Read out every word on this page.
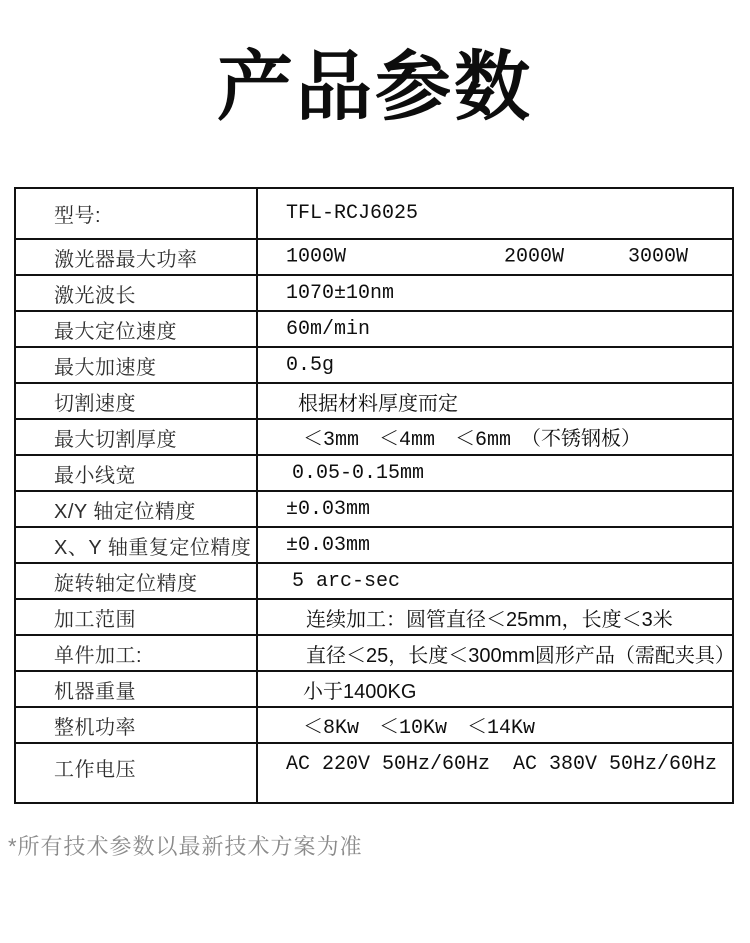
产品参数
型号:	TFL-RCJ6025
激光器最大功率	1000W	2000W	3000W
激光波长	1070±10nm
最大定位速度	60m/min
最大加速度	0.5g
切割速度	根据材料厚度而定
最大切割厚度	＜3mm　＜4mm　＜6mm　（不锈钢板）
最小线宽	0.05-0.15mm
X/Y 轴定位精度	±0.03mm
X、Y 轴重复定位精度	±0.03mm
旋转轴定位精度	5 arc-sec
加工范围	连续加工：圆管直径＜25mm，长度＜3米
单件加工:	直径＜25，长度＜300mm圆形产品（需配夹具）
机器重量	小于1400KG
整机功率	＜8Kw　＜10Kw　＜14Kw
工作电压	AC 220V 50Hz/60Hz AC 380V 50Hz/60Hz

*所有技术参数以最新技术方案为准
